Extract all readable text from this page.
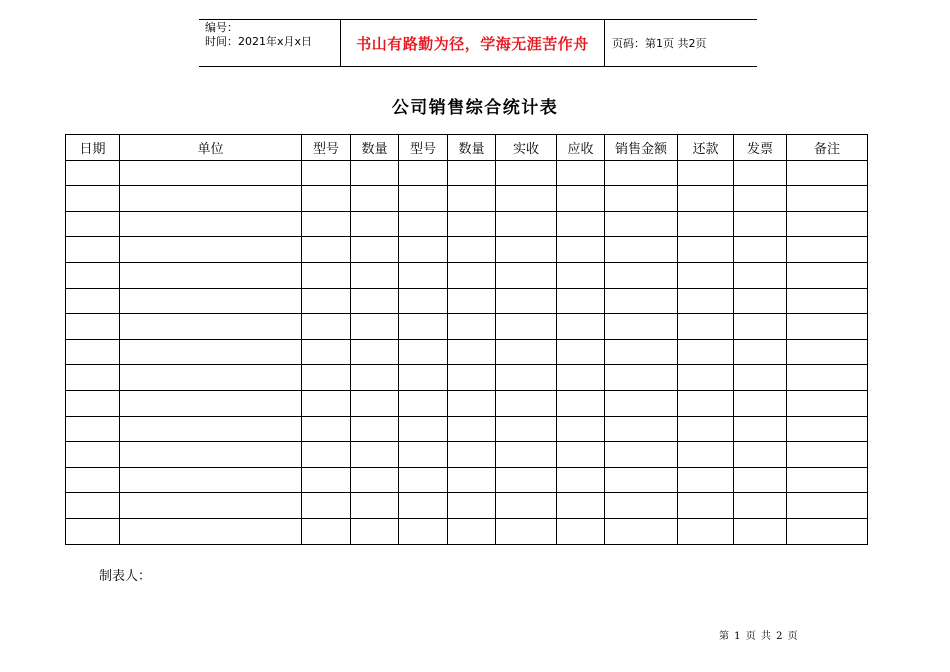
编号：
时间：2021年x月x日	书山有路勤为径，学海无涯苦作舟	页码：第1页 共2页
公司销售综合统计表
日期	单位	型号	数量	型号	数量	实收	应收	销售金额	还款	发票	备注

制表人：
第 1 页 共 2 页
